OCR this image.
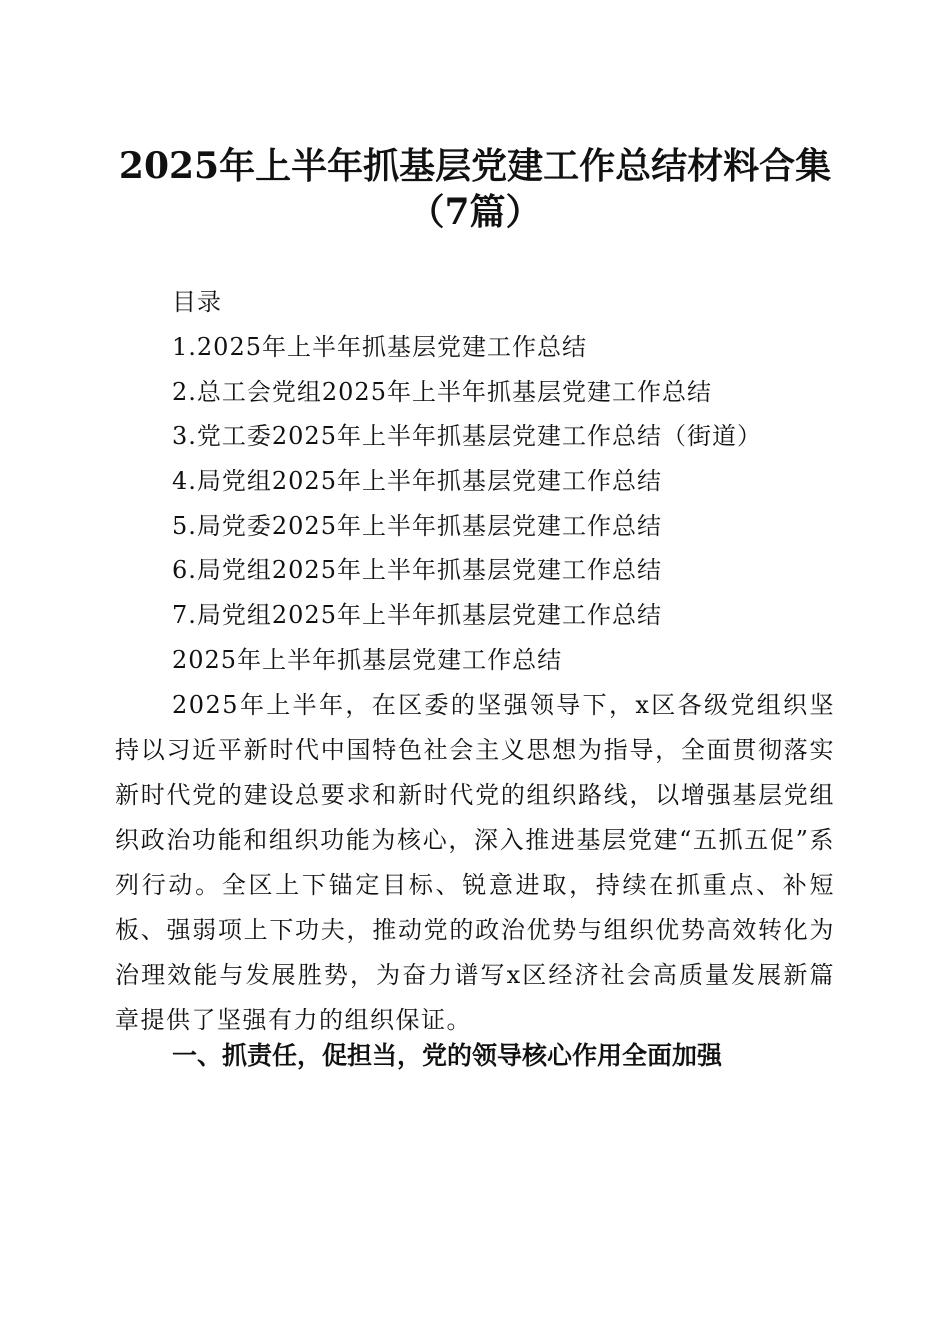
2025年上半年抓基层党建工作总结材料合集
（7篇）
目录
1.2025年上半年抓基层党建工作总结
2.总工会党组2025年上半年抓基层党建工作总结
3.党工委2025年上半年抓基层党建工作总结（街道）
4.局党组2025年上半年抓基层党建工作总结
5.局党委2025年上半年抓基层党建工作总结
6.局党组2025年上半年抓基层党建工作总结
7.局党组2025年上半年抓基层党建工作总结
2025年上半年抓基层党建工作总结
2025年上半年，在区委的坚强领导下，x区各级党组织坚持以习近平新时代中国特色社会主义思想为指导，全面贯彻落实新时代党的建设总要求和新时代党的组织路线，以增强基层党组织政治功能和组织功能为核心，深入推进基层党建“五抓五促”系列行动。全区上下锚定目标、锐意进取，持续在抓重点、补短板、强弱项上下功夫，推动党的政治优势与组织优势高效转化为治理效能与发展胜势，为奋力谱写x区经济社会高质量发展新篇章提供了坚强有力的组织保证。
一、抓责任，促担当，党的领导核心作用全面加强
